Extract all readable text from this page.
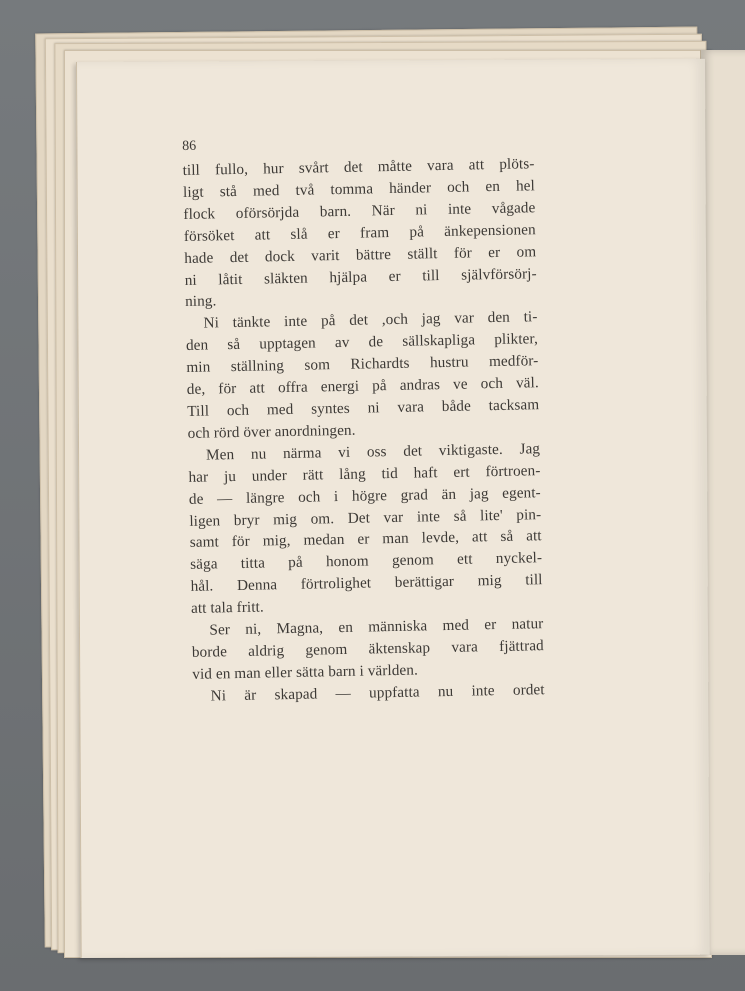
86
till fullo, hur svårt det måtte vara att plöts-
ligt stå med två tomma händer och en hel
flock oförsörjda barn. När ni inte vågade
försöket att slå er fram på änkepensionen
hade det dock varit bättre ställt för er om
ni låtit släkten hjälpa er till självförsörj-
ning.
Ni tänkte inte på det ,och jag var den ti-
den så upptagen av de sällskapliga plikter,
min ställning som Richardts hustru medför-
de, för att offra energi på andras ve och väl.
Till och med syntes ni vara både tacksam
och rörd över anordningen.
Men nu närma vi oss det viktigaste. Jag
har ju under rätt lång tid haft ert förtroen-
de — längre och i högre grad än jag egent-
ligen bryr mig om. Det var inte så lite' pin-
samt för mig, medan er man levde, att så att
säga titta på honom genom ett nyckel-
hål. Denna förtrolighet berättigar mig till
att tala fritt.
Ser ni, Magna, en människa med er natur
borde aldrig genom äktenskap vara fjättrad
vid en man eller sätta barn i världen.
Ni är skapad — uppfatta nu inte ordet
